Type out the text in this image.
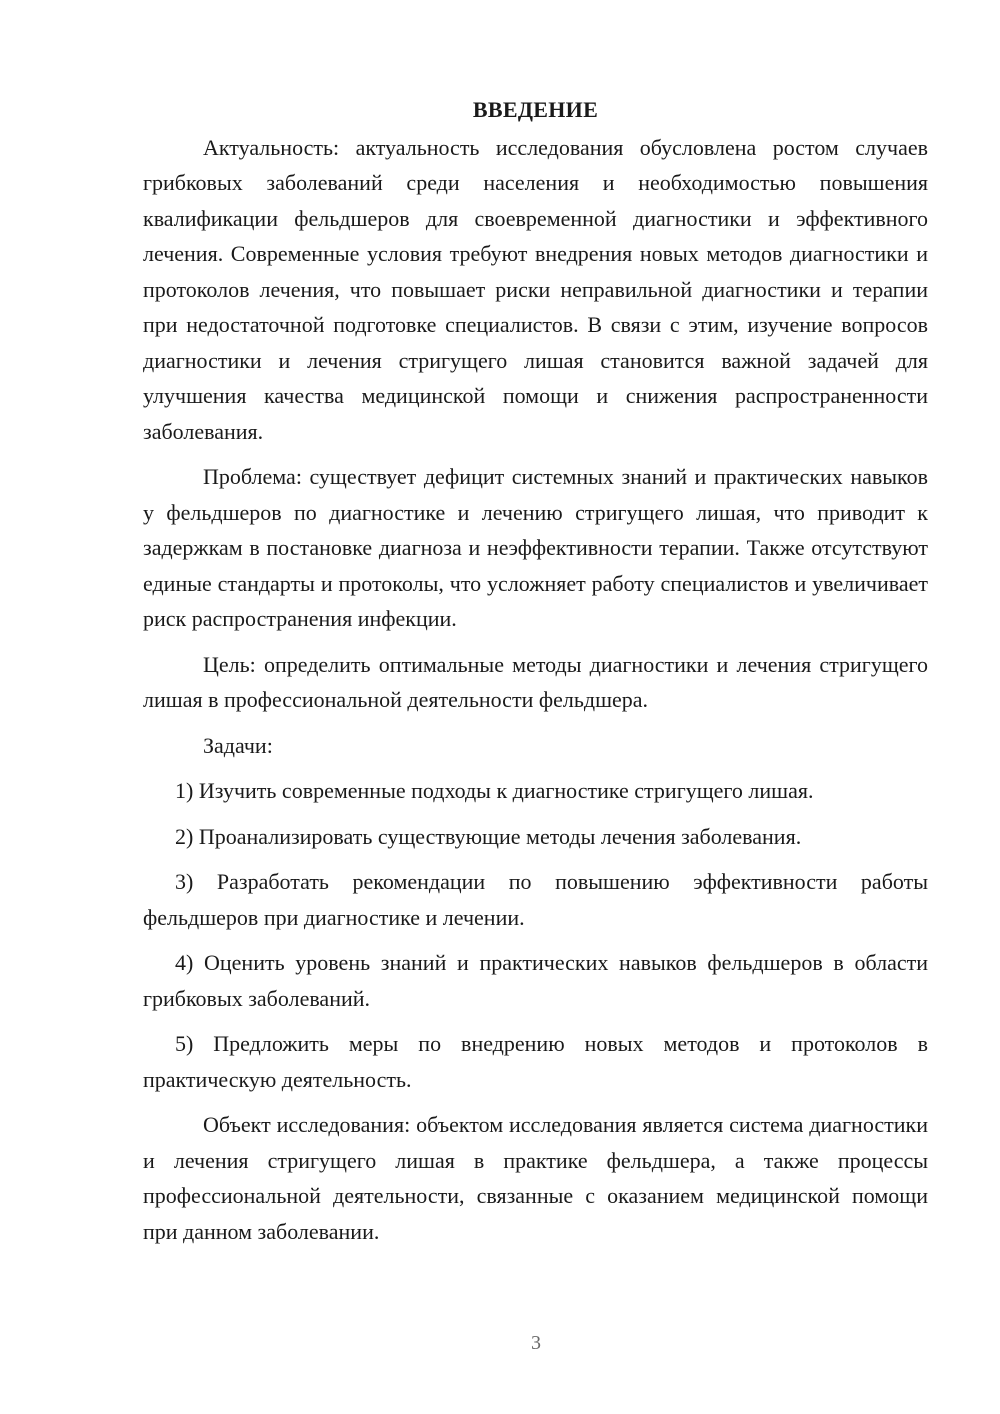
ВВЕДЕНИЕ

Актуальность: актуальность исследования обусловлена ростом случаев грибковых заболеваний среди населения и необходимостью повышения квалификации фельдшеров для своевременной диагностики и эффективного лечения. Современные условия требуют внедрения новых методов диагностики и протоколов лечения, что повышает риски неправильной диагностики и терапии при недостаточной подготовке специалистов. В связи с этим, изучение вопросов диагностики и лечения стригущего лишая становится важной задачей для улучшения качества медицинской помощи и снижения распространенности заболевания.

Проблема: существует дефицит системных знаний и практических навыков у фельдшеров по диагностике и лечению стригущего лишая, что приводит к задержкам в постановке диагноза и неэффективности терапии. Также отсутствуют единые стандарты и протоколы, что усложняет работу специалистов и увеличивает риск распространения инфекции.

Цель: определить оптимальные методы диагностики и лечения стригущего лишая в профессиональной деятельности фельдшера.

Задачи:

1) Изучить современные подходы к диагностике стригущего лишая.

2) Проанализировать существующие методы лечения заболевания.

3) Разработать рекомендации по повышению эффективности работы фельдшеров при диагностике и лечении.

4) Оценить уровень знаний и практических навыков фельдшеров в области грибковых заболеваний.

5) Предложить меры по внедрению новых методов и протоколов в практическую деятельность.

Объект исследования: объектом исследования является система диагностики и лечения стригущего лишая в практике фельдшера, а также процессы профессиональной деятельности, связанные с оказанием медицинской помощи при данном заболевании.

3
